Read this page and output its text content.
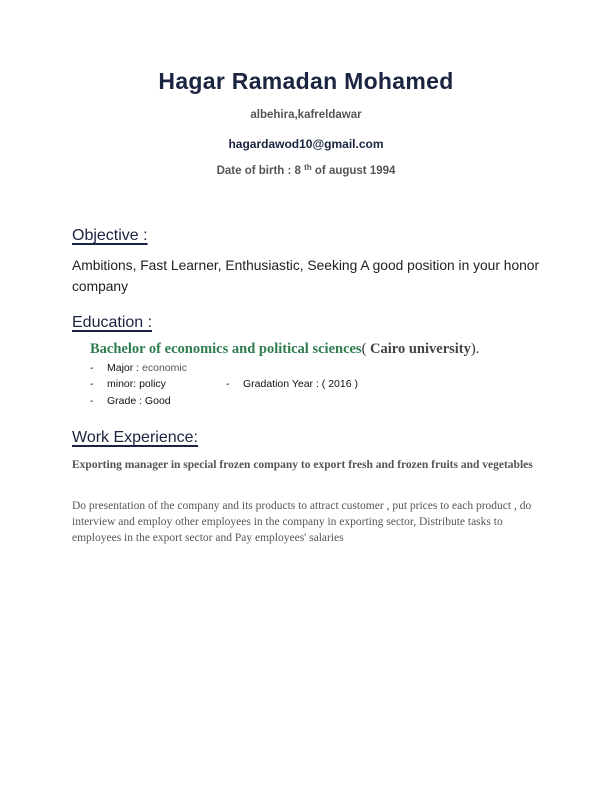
Hagar Ramadan Mohamed
albehira,kafreldawar
hagardawod10@gmail.com
Date of birth : 8 $^{th}$ of august 1994
Objective :
Ambitions, Fast Learner, Enthusiastic, Seeking A good position in your honor company
Education :
Bachelor of economics and political sciences( Cairo university).
- Major : economic
- minor: policy	- Gradation Year : ( 2016 )
- Grade : Good
Work Experience:
Exporting manager in special frozen company to export fresh and frozen fruits and vegetables
Do presentation of the company and its products to attract customer , put prices to each product , do interview and employ other employees in the company in exporting sector, Distribute tasks to employees in the export sector and Pay employees' salaries
